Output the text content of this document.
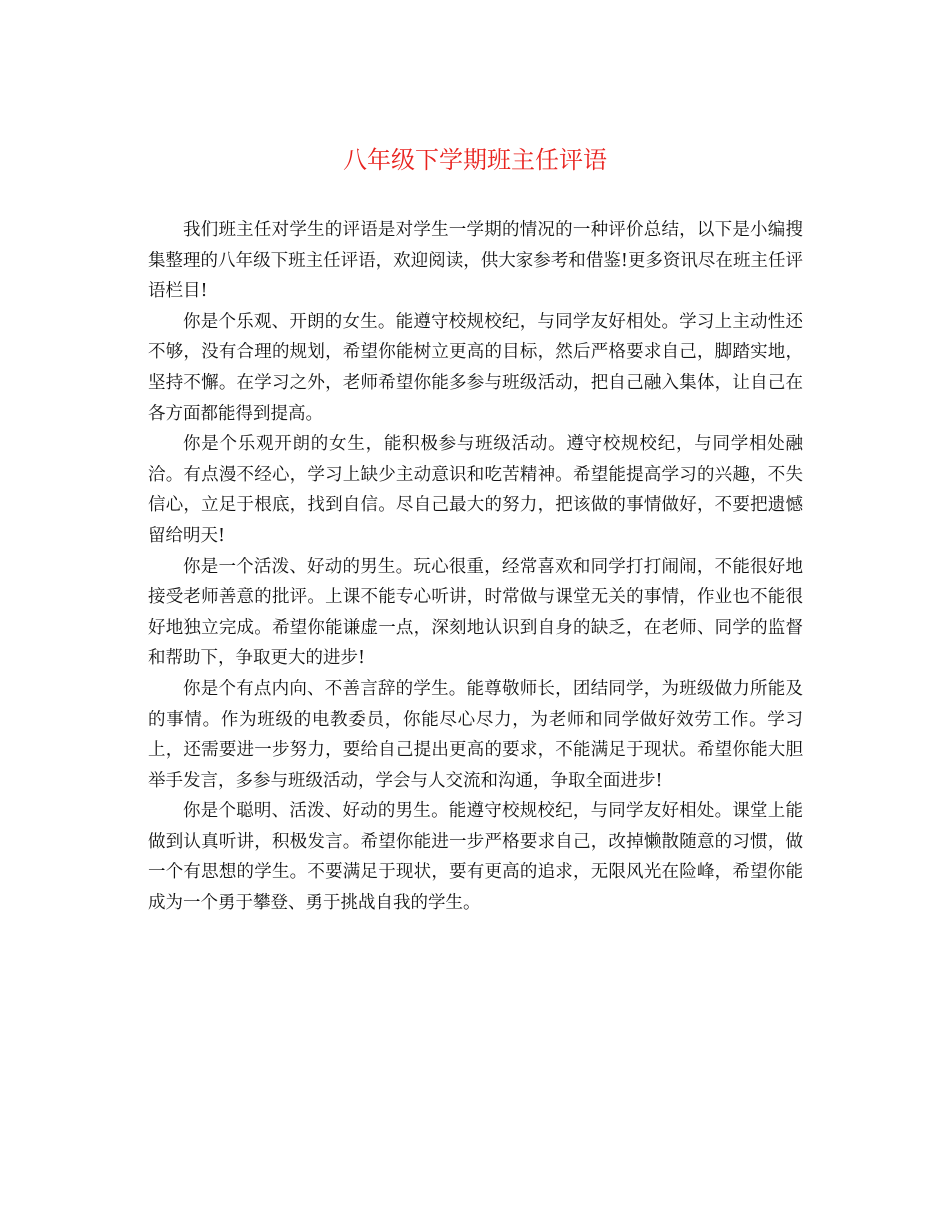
八年级下学期班主任评语

我们班主任对学生的评语是对学生一学期的情况的一种评价总结，以下是小编搜集整理的八年级下班主任评语，欢迎阅读，供大家参考和借鉴!更多资讯尽在班主任评语栏目!

你是个乐观、开朗的女生。能遵守校规校纪，与同学友好相处。学习上主动性还不够，没有合理的规划，希望你能树立更高的目标，然后严格要求自己，脚踏实地，坚持不懈。在学习之外，老师希望你能多参与班级活动，把自己融入集体，让自己在各方面都能得到提高。

你是个乐观开朗的女生，能积极参与班级活动。遵守校规校纪，与同学相处融洽。有点漫不经心，学习上缺少主动意识和吃苦精神。希望能提高学习的兴趣，不失信心，立足于根底，找到自信。尽自己最大的努力，把该做的事情做好，不要把遗憾留给明天!

你是一个活泼、好动的男生。玩心很重，经常喜欢和同学打打闹闹，不能很好地接受老师善意的批评。上课不能专心听讲，时常做与课堂无关的事情，作业也不能很好地独立完成。希望你能谦虚一点，深刻地认识到自身的缺乏，在老师、同学的监督和帮助下，争取更大的进步!

你是个有点内向、不善言辞的学生。能尊敬师长，团结同学，为班级做力所能及的事情。作为班级的电教委员，你能尽心尽力，为老师和同学做好效劳工作。学习上，还需要进一步努力，要给自己提出更高的要求，不能满足于现状。希望你能大胆举手发言，多参与班级活动，学会与人交流和沟通，争取全面进步!

你是个聪明、活泼、好动的男生。能遵守校规校纪，与同学友好相处。课堂上能做到认真听讲，积极发言。希望你能进一步严格要求自己，改掉懒散随意的习惯，做一个有思想的学生。不要满足于现状，要有更高的追求，无限风光在险峰，希望你能成为一个勇于攀登、勇于挑战自我的学生。
